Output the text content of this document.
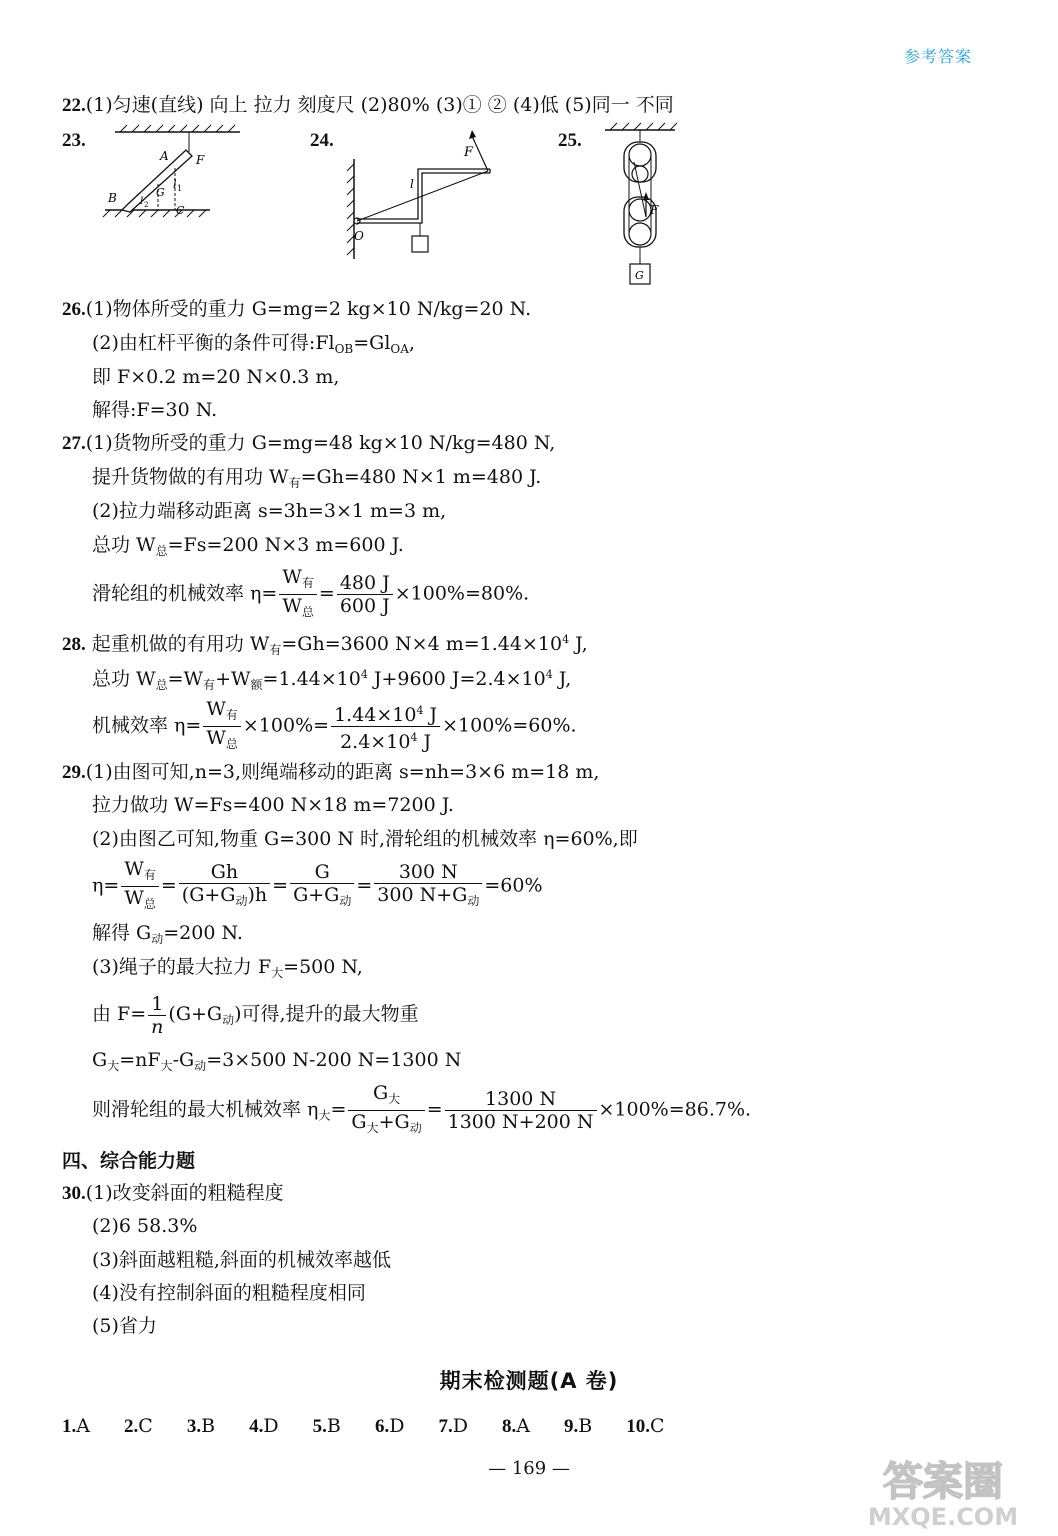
参考答案
22.(1)匀速(直线) 向上 拉力 刻度尺 (2)80% (3)① ② (4)低 (5)同一 不同
23.	24.	25.
A F
B	G
l 1
l 2	C
F
l
O
F
G
26.(1)物体所受的重力 G=mg=2 kg×10 N/kg=20 N.
(2)由杠杆平衡的条件可得$:Fl_{OB}=Gl_{OA}$,
即 F×0.2 m=20 N×0.3 m,
解得:F=30 N.
27.(1)货物所受的重力 G=mg=48 kg×10 N/kg=480 N,
提升货物做的有用功 $W_有=Gh=480$ N×1 m=480 J.
(2)拉力端移动距离 s=3h=3×1 m=3 m,
总功 $W_总=Fs=200$ N×3 m=600 J.
滑轮组的机械效率 $\eta= \frac{W_有}{W_总} = \frac{480 J}{600 J} \times 100\%=80\%$.
28. 起重机做的有用功 $W_有=Gh=3600$ N×4 $m=1.44\times 10^4$ J,
总功 $W_总=W_有+W_额=1.44\times 10^4$ J+9600 $J=2.4\times 10^4$ J,
机械效率 $\eta= \frac{W_有}{W_总} \times 100\%= \frac{1.44\times 10^4 J}{2.4\times 10^4 J} \times 100\%=60\%$.
29.(1)由图可知,n=3,则绳端移动的距离 s=nh=3×6 m=18 m,
拉力做功 W=Fs=400 N×18 m=7200 J.
(2)由图乙可知,物重 G=300 N 时,滑轮组的机械效率 η=60%,即
$\eta= \frac{W_有}{W_总} = \frac{Gh}{(G+G_动)h} = \frac{G}{G+G_动} = \frac{300 N}{300 N+G_动} =60\%$
解得 $G_动=200$ N.
(3)绳子的最大拉力 $F_大=500$ N,
由 $F= \frac{1}{n} (G+G_动)$可得,提升的最大物重
$G_大=nF_大-G_动=3\times 500$ N-200 N=1300 N
则滑轮组的最大机械效率 $\eta_大= \frac{G_大}{G_大+G_动} = \frac{1300 N}{1300 N+200 N} \times 100\%=86.7\%$.
四、综合能力题
30.(1)改变斜面的粗糙程度
(2)6 58.3%
(3)斜面越粗糙,斜面的机械效率越低
(4)没有控制斜面的粗糙程度相同
(5)省力
期末检测题(A 卷)
1.A 2.C 3.B 4.D 5.B 6.D 7.D 8.A 9.B 10.C
— 169 —	答案圈
MXQE.COM
